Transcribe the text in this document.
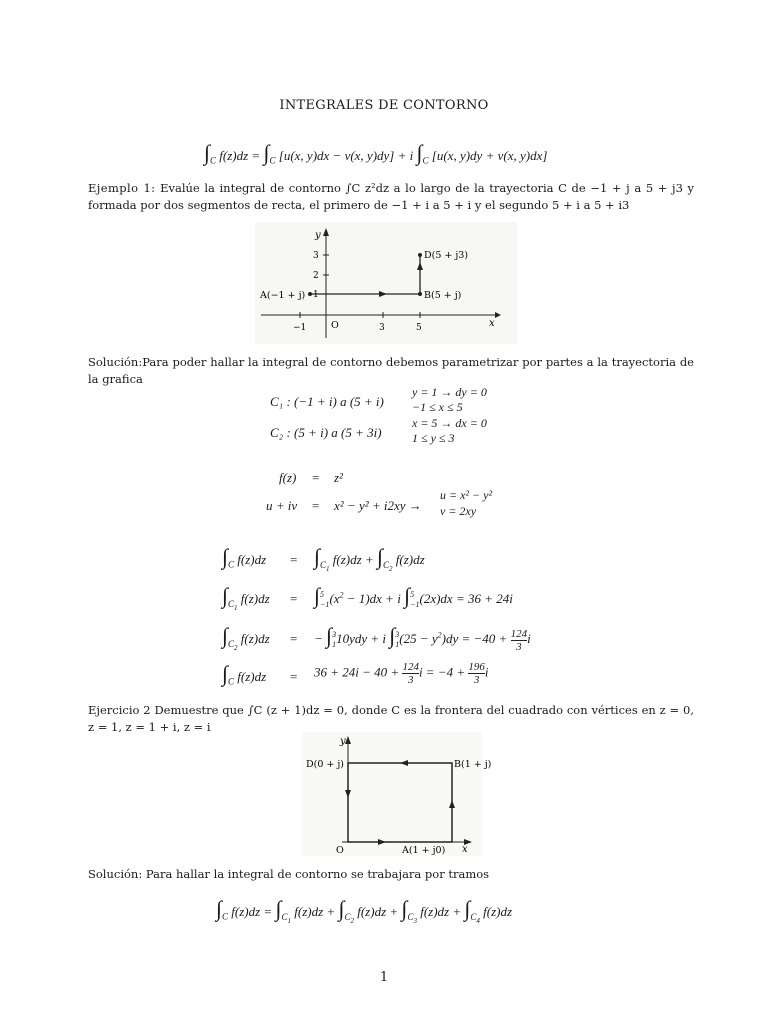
INTEGRALES DE CONTORNO
$\int_C$ $f(z)dz = \int_C$ [u(x, y)dx − v(x, y)dy] + i $\int_C$ [u(x, y)dy + v(x, y)dx]
Ejemplo 1: Evalúe la integral de contorno ∫C z²dz a lo largo de la trayectoria C de −1 + j a 5 + j3 y formada por dos segmentos de recta, el primero de −1 + i a 5 + i y el segundo 5 + i a 5 + i3
y
x
A(−1 + j)	B(5 + j)
D(5 + j3)
O
−1	3	5
1
2
3
Solución:Para poder hallar la integral de contorno debemos parametrizar por partes a la trayectoria de la grafica
C₁ : (−1 + i) a (5 + i)
y = 1 → dy = 0
−1 ≤ x ≤ 5
C₂ : (5 + i) a (5 + 3i)
x = 5 → dx = 0
1 ≤ y ≤ 3
f(z) = z²
u + iv = x² − y² + i2xy →
u = x² − y²
v = 2xy
$\int_C$ $f(z)dz = \int_{C_1}$ $f(z)dz + \int_{C_2}$ f(z)dz
$\int_{C_1}$ f(z)dz = ∫5
$-1(x^2 - 1)dx + i$ ∫5
−1(2x)dx = 36 + 24i
$\int_{C_2}$ f(z)dz = − ∫3
110ydy + i ∫3
$1(25 - y^2)dy = -40 + 124$
3i
$\int_C$ f(z)dz = 36 + 24i − 40 + 124
3i = −4 + 196
3i
Ejercicio 2 Demuestre que ∫C (z + 1)dz = 0, donde C es la frontera del cuadrado con vértices en z = 0, z = 1, z = 1 + i, z = i
y
x
O	A(1 + j0)
B(1 + j)
D(0 + j)
Solución: Para hallar la integral de contorno se trabajara por tramos
$\int_C$ $f(z)dz = \int_{C_1}$ $f(z)dz + \int_{C_2}$ $f(z)dz + \int_{C_3}$ $f(z)dz + \int_{C_4}$ f(z)dz
1
